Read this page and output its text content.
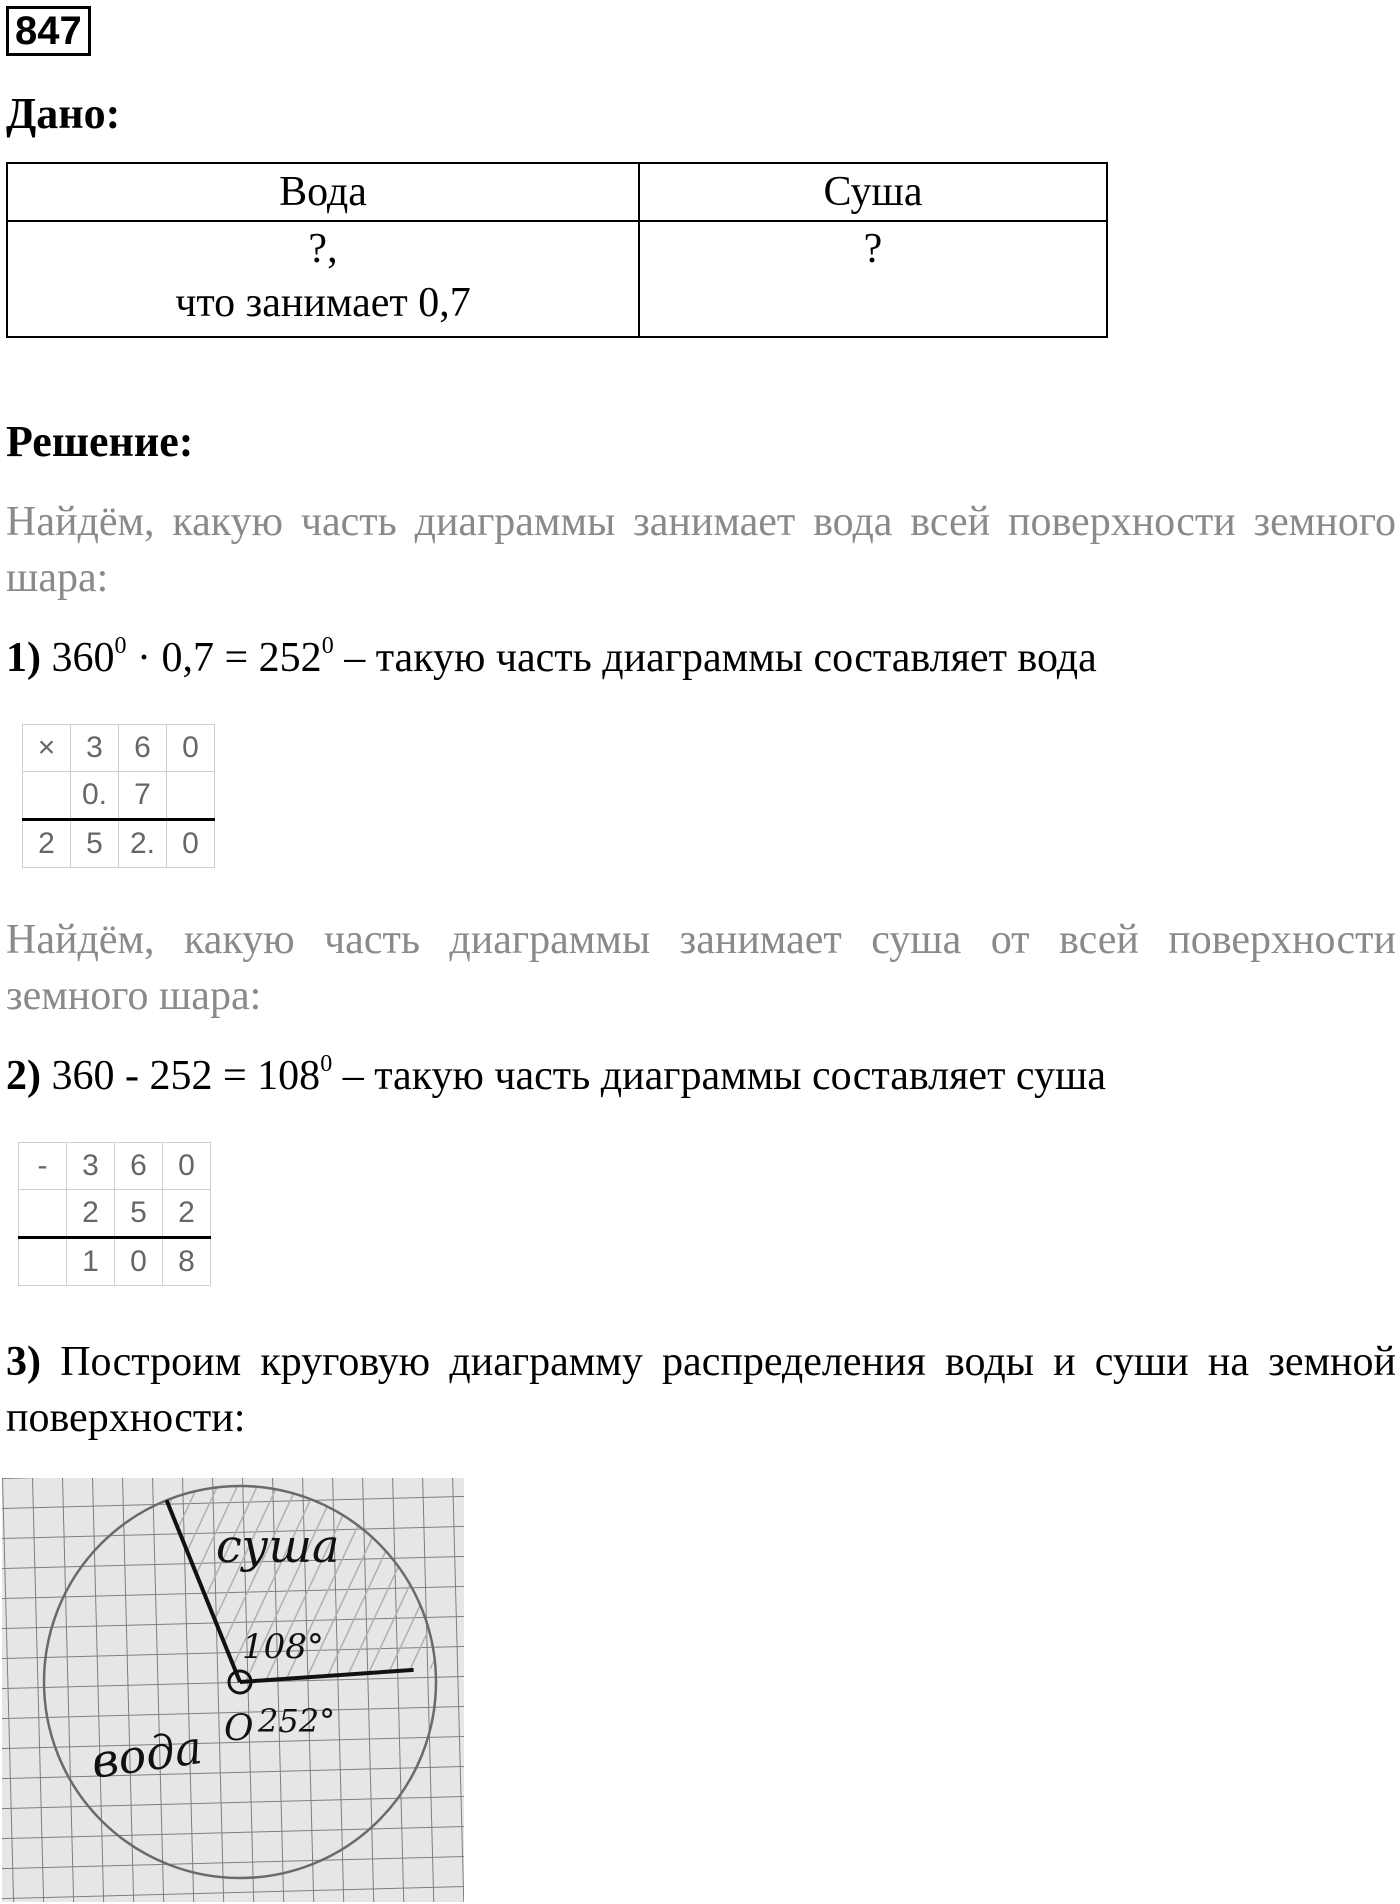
847
Дано:
Вода	Суша

?,
что занимает 0,7	?
Решение:
Найдём, какую часть диаграммы занимает вода всей поверхности земного шара:
1) $360^0 \cdot 0,7 = 252^0$ – такую часть диаграммы составляет вода
×	3	6	0
	0.	7	
2	5	2.	0
Найдём, какую часть диаграммы занимает суша от всей поверхности земного шара:
2) $360 - 252 = 108^0$ – такую часть диаграммы составляет суша
-	3	6	0
	2	5	2
	1	0	8
3) Построим круговую диаграмму распределения воды и суши на земной поверхности:
суша
108°
О 252°
вода
